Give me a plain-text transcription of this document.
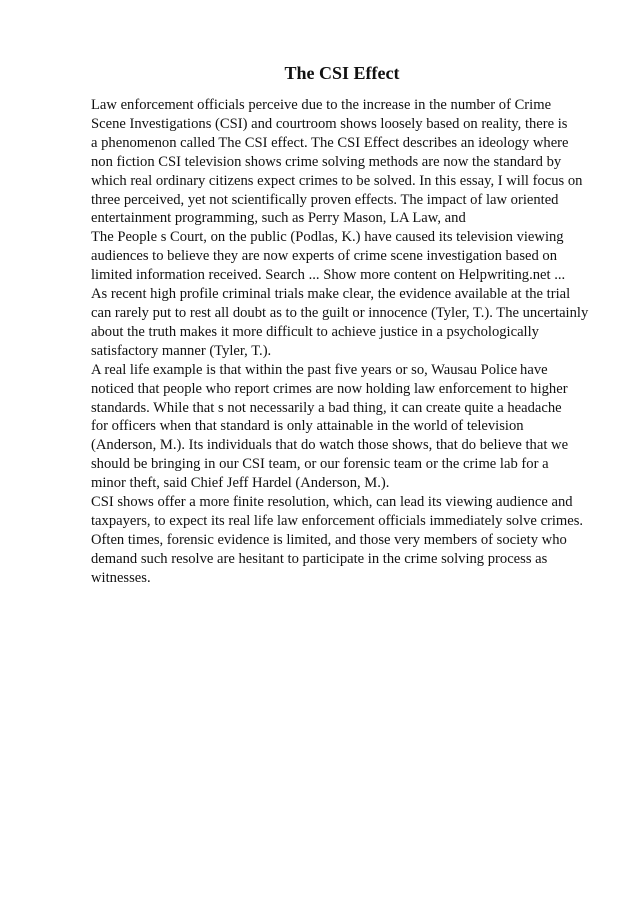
The CSI Effect
Law enforcement officials perceive due to the increase in the number of Crime
Scene Investigations (CSI) and courtroom shows loosely based on reality, there is
a phenomenon called The CSI effect. The CSI Effect describes an ideology where
non fiction CSI television shows crime solving methods are now the standard by
which real ordinary citizens expect crimes to be solved. In this essay, I will focus on
three perceived, yet not scientifically proven effects. The impact of law oriented
entertainment programming, such as Perry Mason, LA Law, and
The People s Court, on the public (Podlas, K.) have caused its television viewing
audiences to believe they are now experts of crime scene investigation based on
limited information received. Search ... Show more content on Helpwriting.net ...
As recent high profile criminal trials make clear, the evidence available at the trial
can rarely put to rest all doubt as to the guilt or innocence (Tyler, T.). The uncertainly
about the truth makes it more difficult to achieve justice in a psychologically
satisfactory manner (Tyler, T.).
A real life example is that within the past five years or so, Wausau Police have
noticed that people who report crimes are now holding law enforcement to higher
standards. While that s not necessarily a bad thing, it can create quite a headache
for officers when that standard is only attainable in the world of television
(Anderson, M.). Its individuals that do watch those shows, that do believe that we
should be bringing in our CSI team, or our forensic team or the crime lab for a
minor theft, said Chief Jeff Hardel (Anderson, M.).
CSI shows offer a more finite resolution, which, can lead its viewing audience and
taxpayers, to expect its real life law enforcement officials immediately solve crimes.
Often times, forensic evidence is limited, and those very members of society who
demand such resolve are hesitant to participate in the crime solving process as
witnesses.
